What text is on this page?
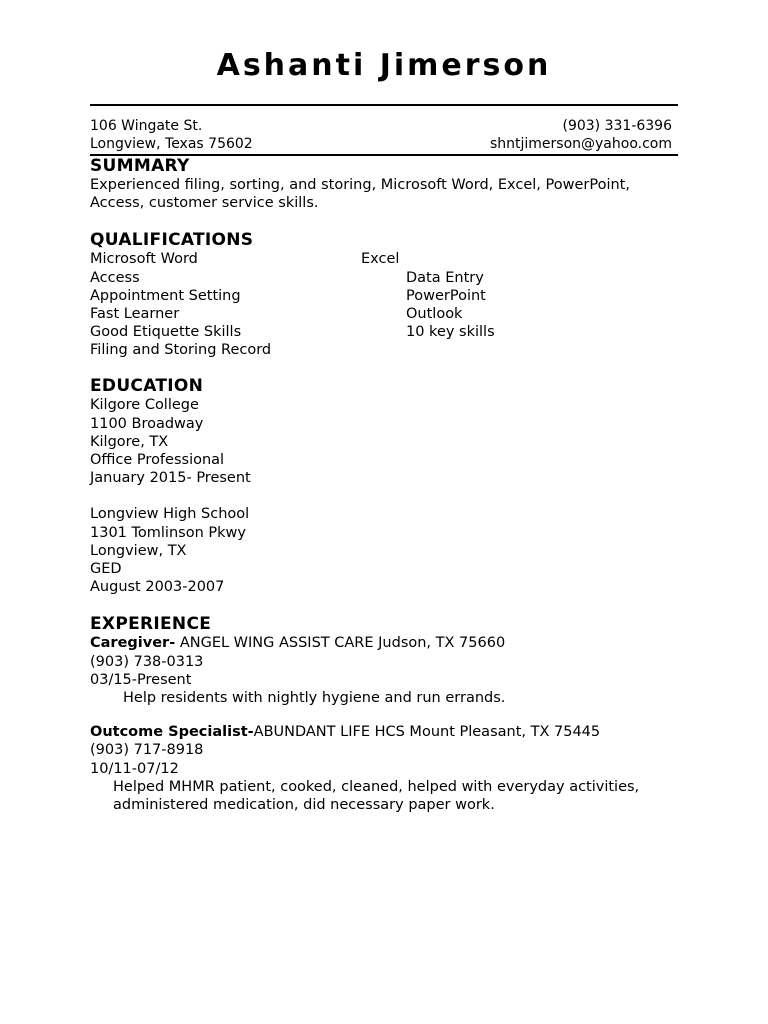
Ashanti Jimerson
106 Wingate St.
Longview, Texas 75602
(903) 331-6396
shntjimerson@yahoo.com
SUMMARY
Experienced filing, sorting, and storing, Microsoft Word, Excel, PowerPoint,
Access, customer service skills.
QUALIFICATIONS
Microsoft Word
Access
Appointment Setting
Fast Learner
Good Etiquette Skills
Filing and Storing Record
Excel
Data Entry
PowerPoint
Outlook
10 key skills
EDUCATION
Kilgore College
1100 Broadway
Kilgore, TX
Office Professional
January 2015- Present
Longview High School
1301 Tomlinson Pkwy
Longview, TX
GED
August 2003-2007
EXPERIENCE
Caregiver- ANGEL WING ASSIST CARE Judson, TX 75660
(903) 738-0313
03/15-Present
Help residents with nightly hygiene and run errands.
Outcome Specialist-ABUNDANT LIFE HCS Mount Pleasant, TX 75445
(903) 717-8918
10/11-07/12
Helped MHMR patient, cooked, cleaned, helped with everyday activities,
administered medication, did necessary paper work.
